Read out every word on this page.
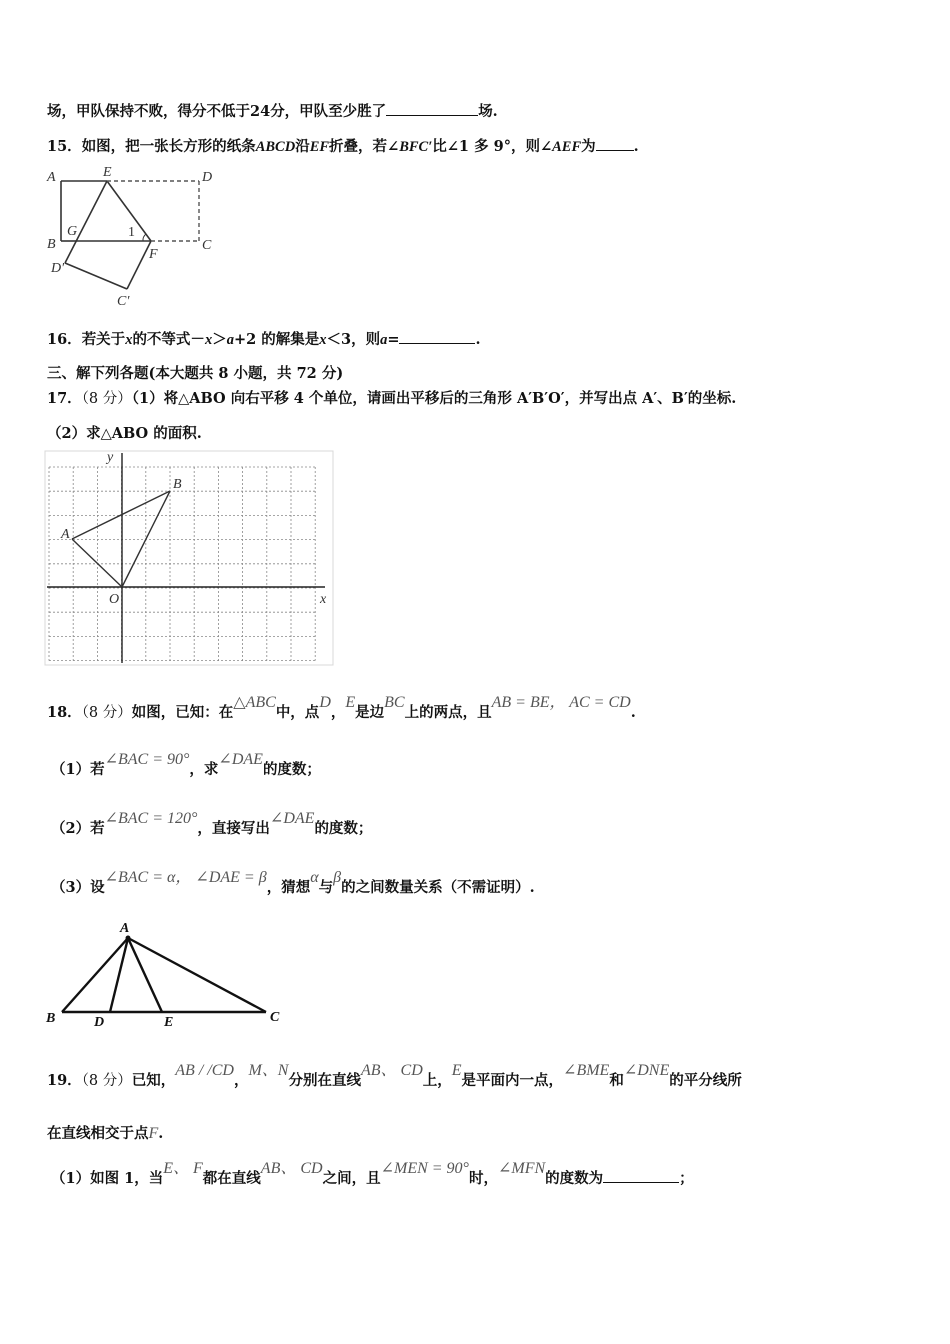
场，甲队保持不败，得分不低于24分，甲队至少胜了	场.
15．如图，把一张长方形的纸条ABCD沿EF折叠，若∠BFC′比∠1 多 9°，则∠AEF为	.
A	E	D
G	1
B
F
C
D′
C′
16．若关于x的不等式－x＞a+2 的解集是x＜3，则a=	.
三、解下列各题(本大题共 8 小题，共 72 分)
17．（8 分）（1）将△ABO 向右平移 4 个单位，请画出平移后的三角形 A′B′O′，并写出点 A′、B′的坐标.
（2）求△ABO 的面积.
y
x
A
B
O
18．（8 分）如图，已知：在△ABC中，点D，E是边BC上的两点，且AB = BE， AC = CD.
（1）若∠BAC = 90°，求∠DAE的度数；
（2）若∠BAC = 120°，直接写出∠DAE的度数；
（3）设∠BAC = α， ∠DAE = β，猜想α与β的之间数量关系（不需证明）.
A
B	D	E	C
19．（8 分）已知，AB / /CD，M、N分别在直线AB、 CD上，E是平面内一点，∠BME和∠DNE的平分线所
在直线相交于点F.
（1）如图 1，当E、 F都在直线AB、 CD之间，且∠MEN = 90°时，∠MFN的度数为	；
